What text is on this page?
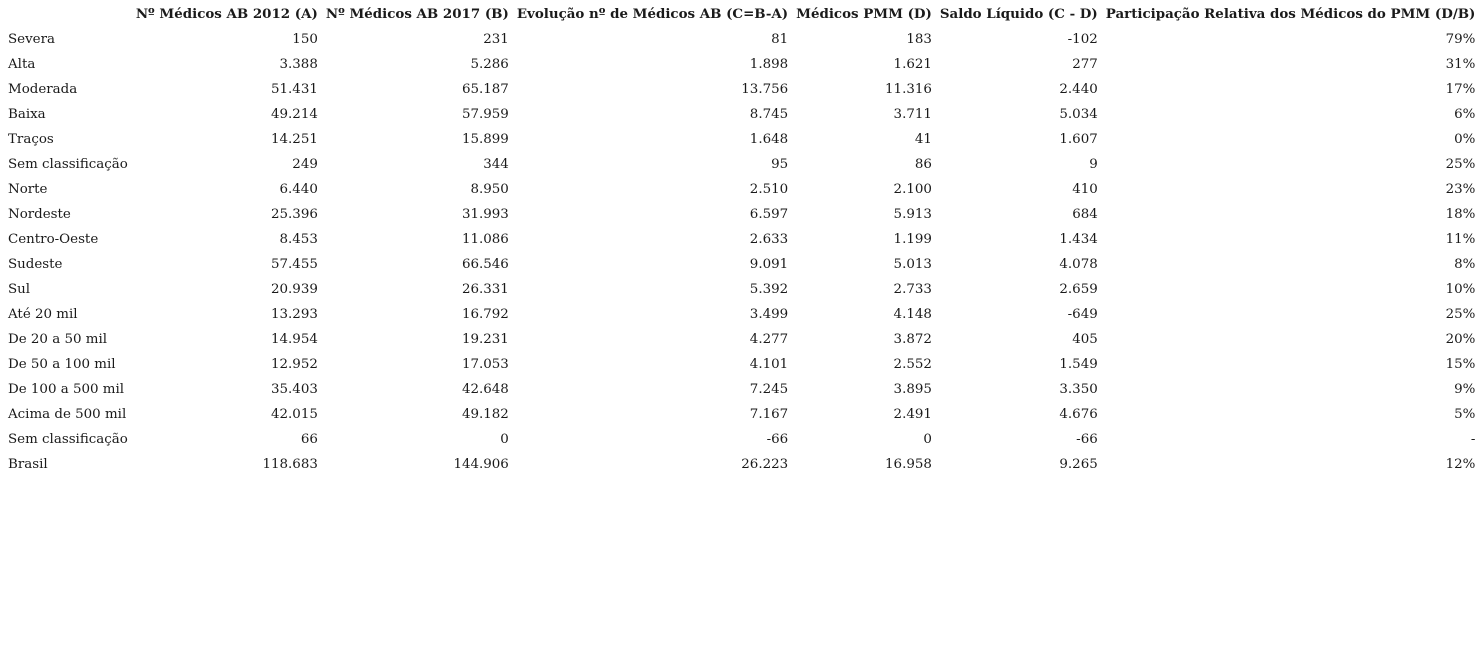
	Nº Médicos AB 2012 (A)	Nº Médicos AB 2017 (B)	Evolução nº de Médicos AB (C=B-A)	Médicos PMM (D)	Saldo Líquido (C - D)	Participação Relativa dos Médicos do PMM (D/B)
Severa	150	231	81	183	-102	79%
Alta	3.388	5.286	1.898	1.621	277	31%
Moderada	51.431	65.187	13.756	11.316	2.440	17%
Baixa	49.214	57.959	8.745	3.711	5.034	6%
Traços	14.251	15.899	1.648	41	1.607	0%
Sem classificação	249	344	95	86	9	25%
Norte	6.440	8.950	2.510	2.100	410	23%
Nordeste	25.396	31.993	6.597	5.913	684	18%
Centro-Oeste	8.453	11.086	2.633	1.199	1.434	11%
Sudeste	57.455	66.546	9.091	5.013	4.078	8%
Sul	20.939	26.331	5.392	2.733	2.659	10%
Até 20 mil	13.293	16.792	3.499	4.148	-649	25%
De 20 a 50 mil	14.954	19.231	4.277	3.872	405	20%
De 50 a 100 mil	12.952	17.053	4.101	2.552	1.549	15%
De 100 a 500 mil	35.403	42.648	7.245	3.895	3.350	9%
Acima de 500 mil	42.015	49.182	7.167	2.491	4.676	5%
Sem classificação	66	0	-66	0	-66	-
Brasil	118.683	144.906	26.223	16.958	9.265	12%
